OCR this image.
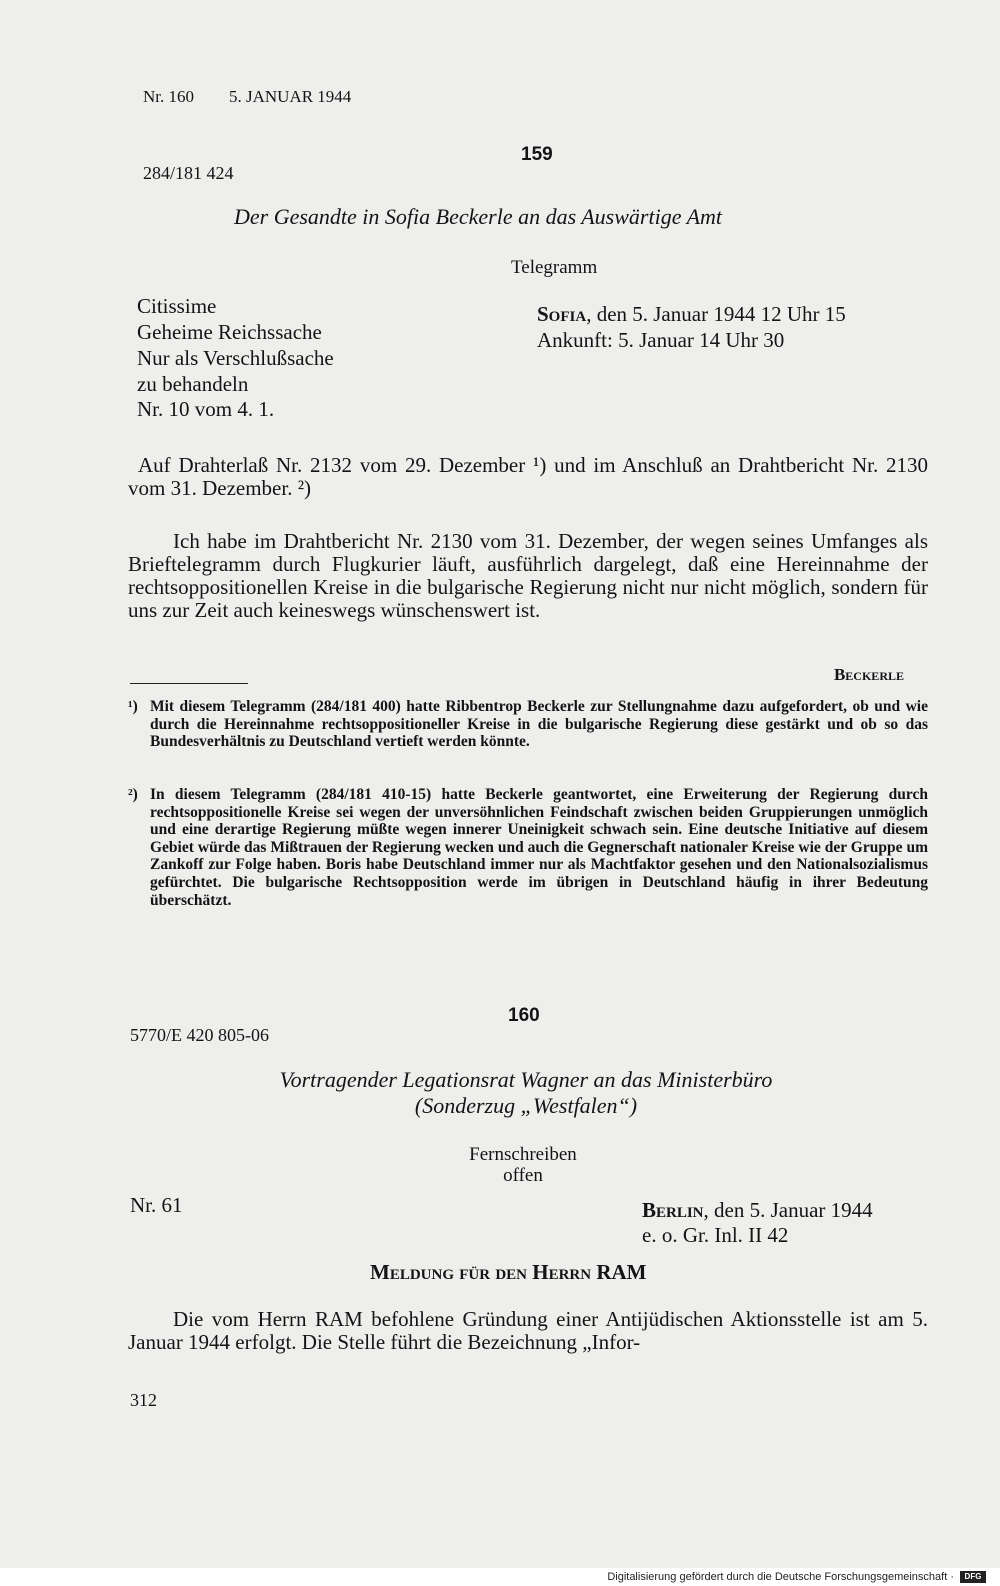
Nr. 160 5. JANUAR 1944
159
284/181 424
Der Gesandte in Sofia Beckerle an das Auswärtige Amt
Telegramm
Citissime
Geheime Reichssache
Nur als Verschlußsache
zu behandeln
Nr. 10 vom 4. 1.
Sofia, den 5. Januar 1944 12 Uhr 15
Ankunft: 5. Januar 14 Uhr 30

Auf Drahterlaß Nr. 2132 vom 29. Dezember ¹) und im Anschluß an Drahtbericht Nr. 2130 vom 31. Dezember. ²)

Ich habe im Drahtbericht Nr. 2130 vom 31. Dezember, der wegen seines Umfanges als Brieftelegramm durch Flugkurier läuft, ausführlich dargelegt, daß eine Hereinnahme der rechtsoppositionellen Kreise in die bulgarische Regierung nicht nur nicht möglich, sondern für uns zur Zeit auch keineswegs wünschenswert ist.

Beckerle
¹) Mit diesem Telegramm (284/181 400) hatte Ribbentrop Beckerle zur Stellungnahme dazu aufgefordert, ob und wie durch die Hereinnahme rechtsoppositioneller Kreise in die bulgarische Regierung diese gestärkt und ob so das Bundesverhältnis zu Deutschland vertieft werden könnte.
²) In diesem Telegramm (284/181 410-15) hatte Beckerle geantwortet, eine Erweiterung der Regierung durch rechtsoppositionelle Kreise sei wegen der unversöhnlichen Feindschaft zwischen beiden Gruppierungen unmöglich und eine derartige Regierung müßte wegen innerer Uneinigkeit schwach sein. Eine deutsche Initiative auf diesem Gebiet würde das Mißtrauen der Regierung wecken und auch die Gegnerschaft nationaler Kreise wie der Gruppe um Zankoff zur Folge haben. Boris habe Deutschland immer nur als Machtfaktor gesehen und den Nationalsozialismus gefürchtet. Die bulgarische Rechtsopposition werde im übrigen in Deutschland häufig in ihrer Bedeutung überschätzt.
160
5770/E 420 805-06
Vortragender Legationsrat Wagner an das Ministerbüro
(Sonderzug „Westfalen“)
Fernschreiben
offen
Nr. 61	Berlin, den 5. Januar 1944
e. o. Gr. Inl. II 42
Meldung für den Herrn RAM

Die vom Herrn RAM befohlene Gründung einer Antijüdischen Aktionsstelle ist am 5. Januar 1944 erfolgt. Die Stelle führt die Bezeichnung „Infor-

312
Digitalisierung gefördert durch die Deutsche Forschungsgemeinschaft ·	DFG
